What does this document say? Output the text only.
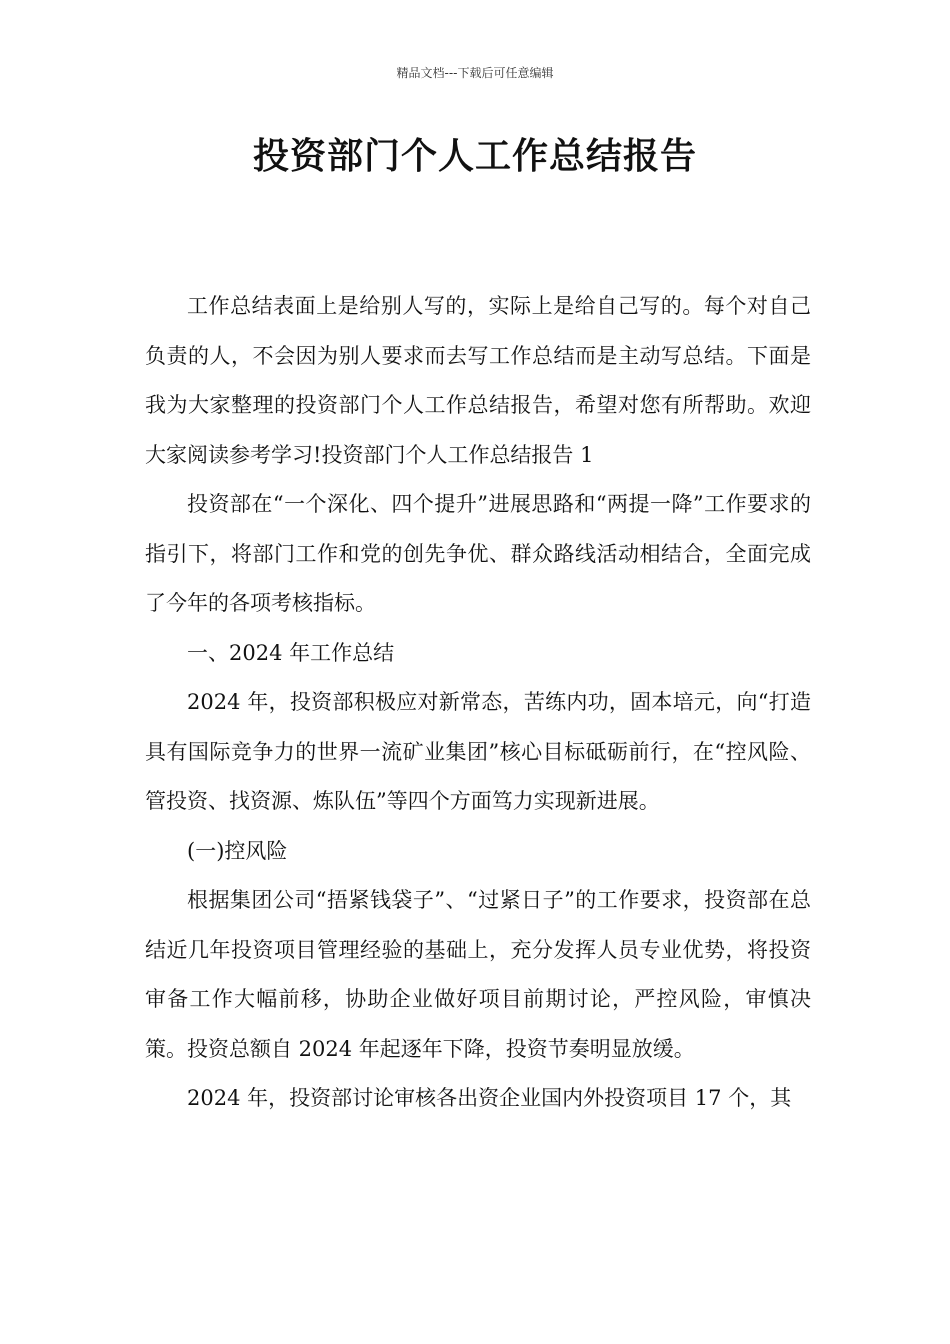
精品文档---下载后可任意编辑
投资部门个人工作总结报告

工作总结表面上是给别人写的，实际上是给自己写的。每个对自己负责的人，不会因为别人要求而去写工作总结而是主动写总结。下面是我为大家整理的投资部门个人工作总结报告，希望对您有所帮助。欢迎大家阅读参考学习!投资部门个人工作总结报告 1

投资部在“一个深化、四个提升”进展思路和“两提一降”工作要求的指引下，将部门工作和党的创先争优、群众路线活动相结合，全面完成了今年的各项考核指标。

一、2024 年工作总结

2024 年，投资部积极应对新常态，苦练内功，固本培元，向“打造具有国际竞争力的世界一流矿业集团”核心目标砥砺前行，在“控风险、管投资、找资源、炼队伍”等四个方面笃力实现新进展。

(一)控风险

根据集团公司“捂紧钱袋子”、“过紧日子”的工作要求，投资部在总结近几年投资项目管理经验的基础上，充分发挥人员专业优势，将投资审备工作大幅前移，协助企业做好项目前期讨论，严控风险，审慎决策。投资总额自 2024 年起逐年下降，投资节奏明显放缓。

2024 年，投资部讨论审核各出资企业国内外投资项目 17 个，其
